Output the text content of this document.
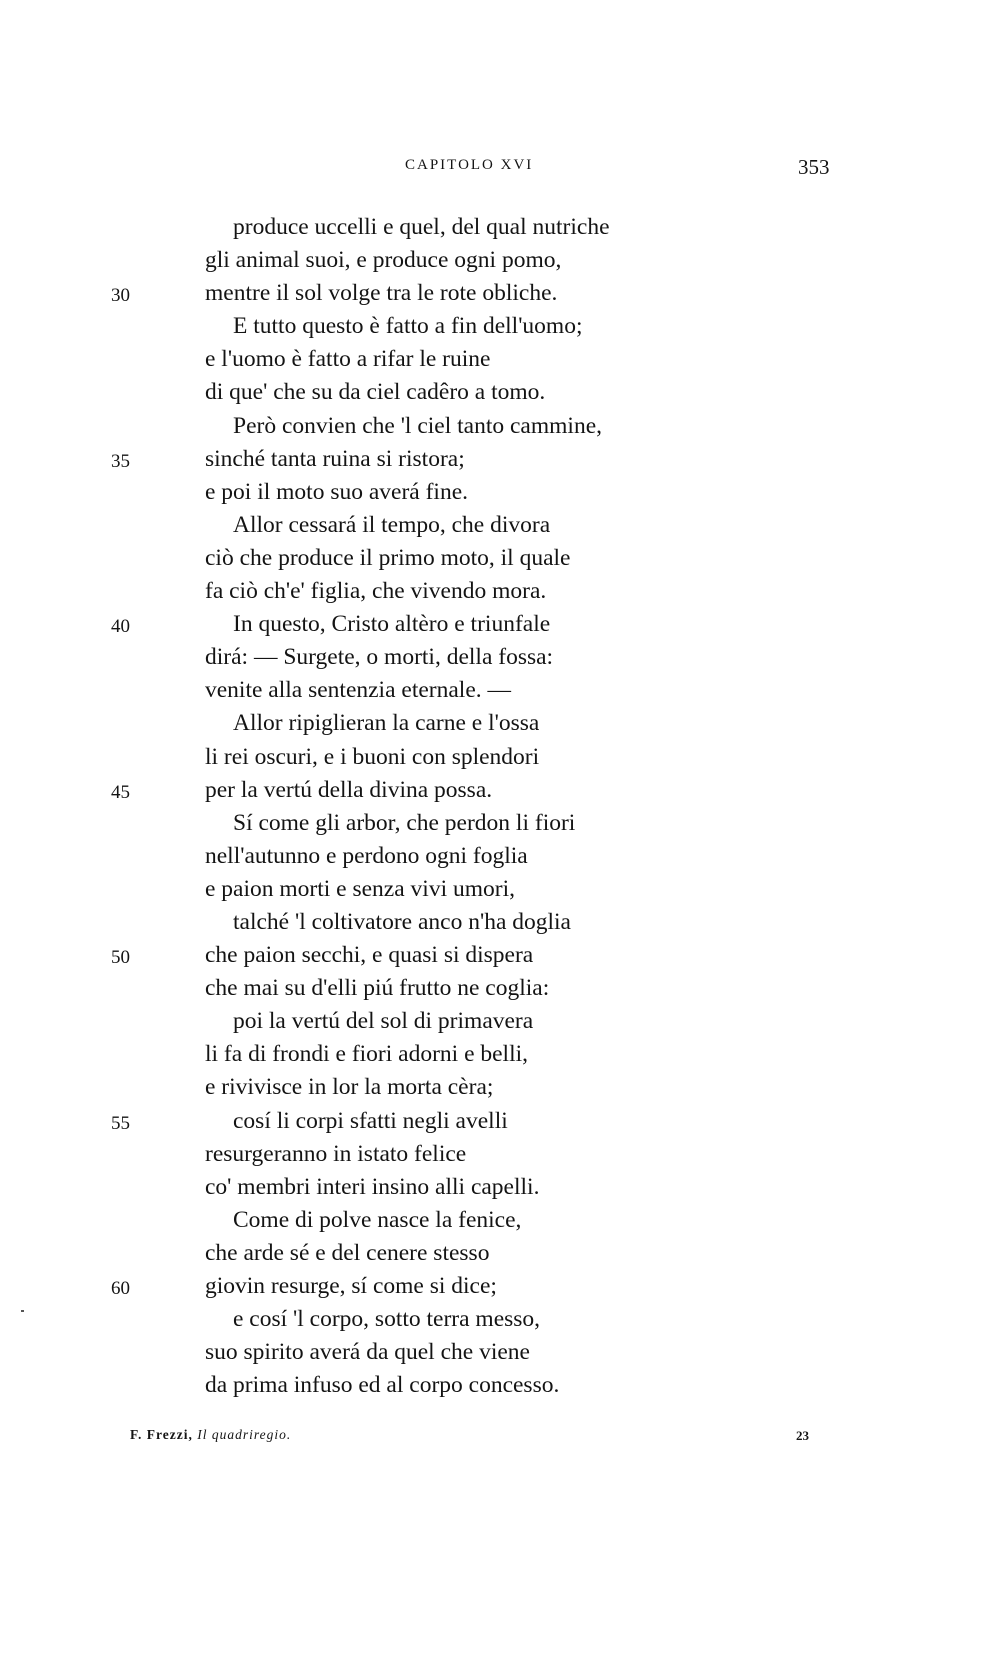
CAPITOLO XVI	353
produce uccelli e quel, del qual nutriche
gli animal suoi, e produce ogni pomo,
30	mentre il sol volge tra le rote obliche.
E tutto questo è fatto a fin dell'uomo;
e l'uomo è fatto a rifar le ruine
di que' che su da ciel cadêro a tomo.
Però convien che 'l ciel tanto cammine,
35	sinché tanta ruina si ristora;
e poi il moto suo averá fine.
Allor cessará il tempo, che divora
ciò che produce il primo moto, il quale
fa ciò ch'e' figlia, che vivendo mora.
40	In questo, Cristo altèro e triunfale
dirá: — Surgete, o morti, della fossa:
venite alla sentenzia eternale. —
Allor ripiglieran la carne e l'ossa
li rei oscuri, e i buoni con splendori
45	per la vertú della divina possa.
Sí come gli arbor, che perdon li fiori
nell'autunno e perdono ogni foglia
e paion morti e senza vivi umori,
talché 'l coltivatore anco n'ha doglia
50	che paion secchi, e quasi si dispera
che mai su d'elli piú frutto ne coglia:
poi la vertú del sol di primavera
li fa di frondi e fiori adorni e belli,
e rivivisce in lor la morta cèra;
55	cosí li corpi sfatti negli avelli
resurgeranno in istato felice
co' membri interi insino alli capelli.
Come di polve nasce la fenice,
che arde sé e del cenere stesso
60	giovin resurge, sí come si dice;
e cosí 'l corpo, sotto terra messo,
suo spirito averá da quel che viene
da prima infuso ed al corpo concesso.
F. Frezzi, Il quadriregio.	23
